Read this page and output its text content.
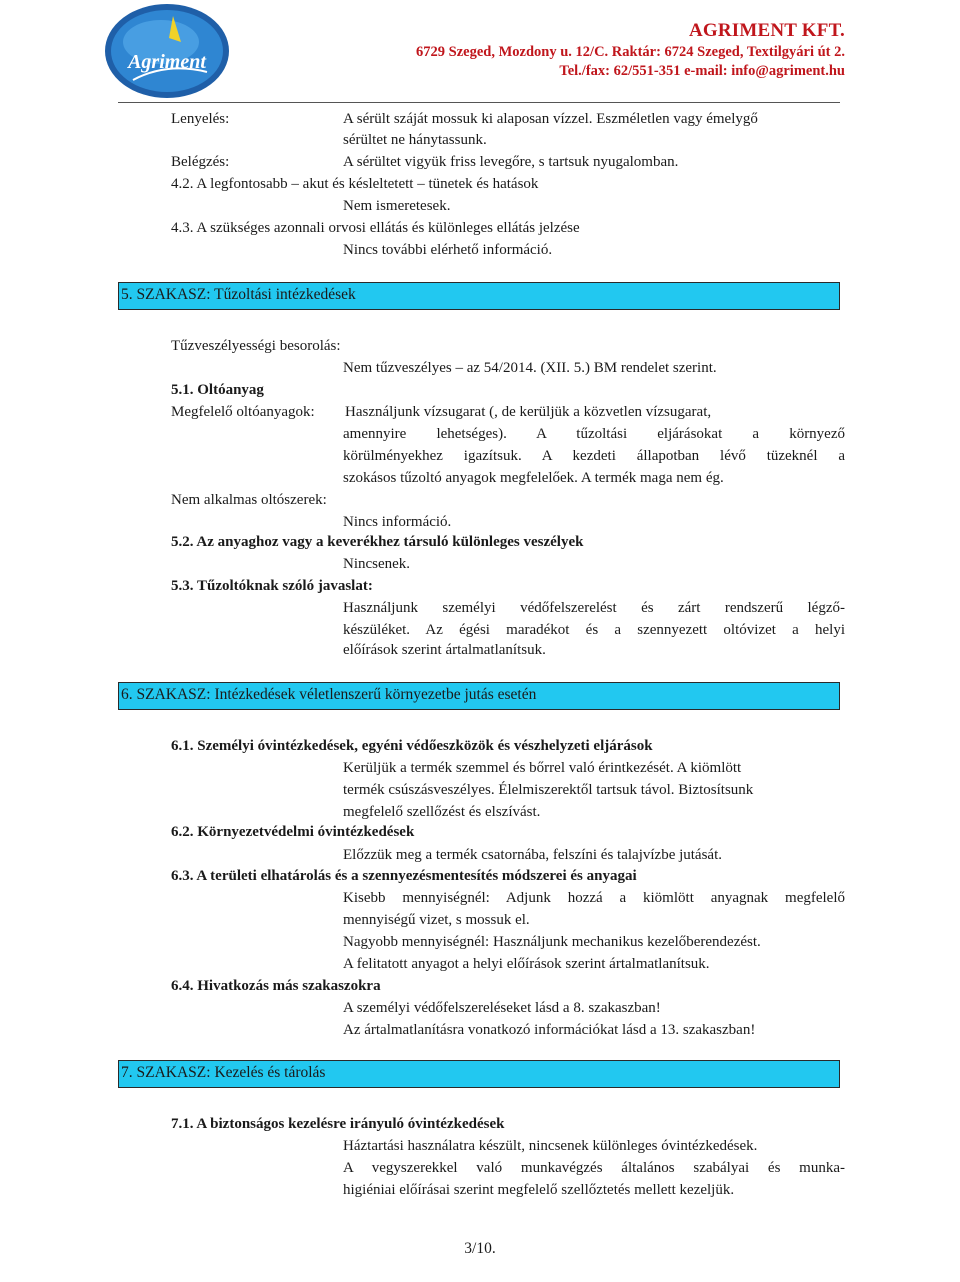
Agriment
AGRIMENT KFT.
6729 Szeged, Mozdony u. 12/C. Raktár: 6724 Szeged, Textilgyári út 2.
Tel./fax: 62/551-351 e-mail: info@agriment.hu
Lenyelés:	A sérült száját mossuk ki alaposan vízzel. Eszméletlen vagy émelygő
sérültet ne hánytassunk.
Belégzés:	A sérültet vigyük friss levegőre, s tartsuk nyugalomban.
4.2. A legfontosabb – akut és késleltetett – tünetek és hatások
Nem ismeretesek.
4.3. A szükséges azonnali orvosi ellátás és különleges ellátás jelzése
Nincs további elérhető információ.
5. SZAKASZ: Tűzoltási intézkedések
Tűzveszélyességi besorolás:
Nem tűzveszélyes – az 54/2014. (XII. 5.) BM rendelet szerint.
5.1. Oltóanyag
Megfelelő oltóanyagok: Használjunk vízsugarat (, de kerüljük a közvetlen vízsugarat,
amennyire lehetséges). A tűzoltási eljárásokat a környező
körülményekhez igazítsuk. A kezdeti állapotban lévő tüzeknél a
szokásos tűzoltó anyagok megfelelőek. A termék maga nem ég.
Nem alkalmas oltószerek:
Nincs információ.
5.2. Az anyaghoz vagy a keverékhez társuló különleges veszélyek
Nincsenek.
5.3. Tűzoltóknak szóló javaslat:
Használjunk személyi védőfelszerelést és zárt rendszerű légző-
készüléket. Az égési maradékot és a szennyezett oltóvizet a helyi
előírások szerint ártalmatlanítsuk.
6. SZAKASZ: Intézkedések véletlenszerű környezetbe jutás esetén
6.1. Személyi óvintézkedések, egyéni védőeszközök és vészhelyzeti eljárások
Kerüljük a termék szemmel és bőrrel való érintkezését. A kiömlött
termék csúszásveszélyes. Élelmiszerektől tartsuk távol. Biztosítsunk
megfelelő szellőzést és elszívást.
6.2. Környezetvédelmi óvintézkedések
Előzzük meg a termék csatornába, felszíni és talajvízbe jutását.
6.3. A területi elhatárolás és a szennyezésmentesítés módszerei és anyagai
Kisebb mennyiségnél: Adjunk hozzá a kiömlött anyagnak megfelelő
mennyiségű vizet, s mossuk el.
Nagyobb mennyiségnél: Használjunk mechanikus kezelőberendezést.
A felitatott anyagot a helyi előírások szerint ártalmatlanítsuk.
6.4. Hivatkozás más szakaszokra
A személyi védőfelszereléseket lásd a 8. szakaszban!
Az ártalmatlanításra vonatkozó információkat lásd a 13. szakaszban!
7. SZAKASZ: Kezelés és tárolás
7.1. A biztonságos kezelésre irányuló óvintézkedések
Háztartási használatra készült, nincsenek különleges óvintézkedések.
A vegyszerekkel való munkavégzés általános szabályai és munka-
higiéniai előírásai szerint megfelelő szellőztetés mellett kezeljük.
3/10.
